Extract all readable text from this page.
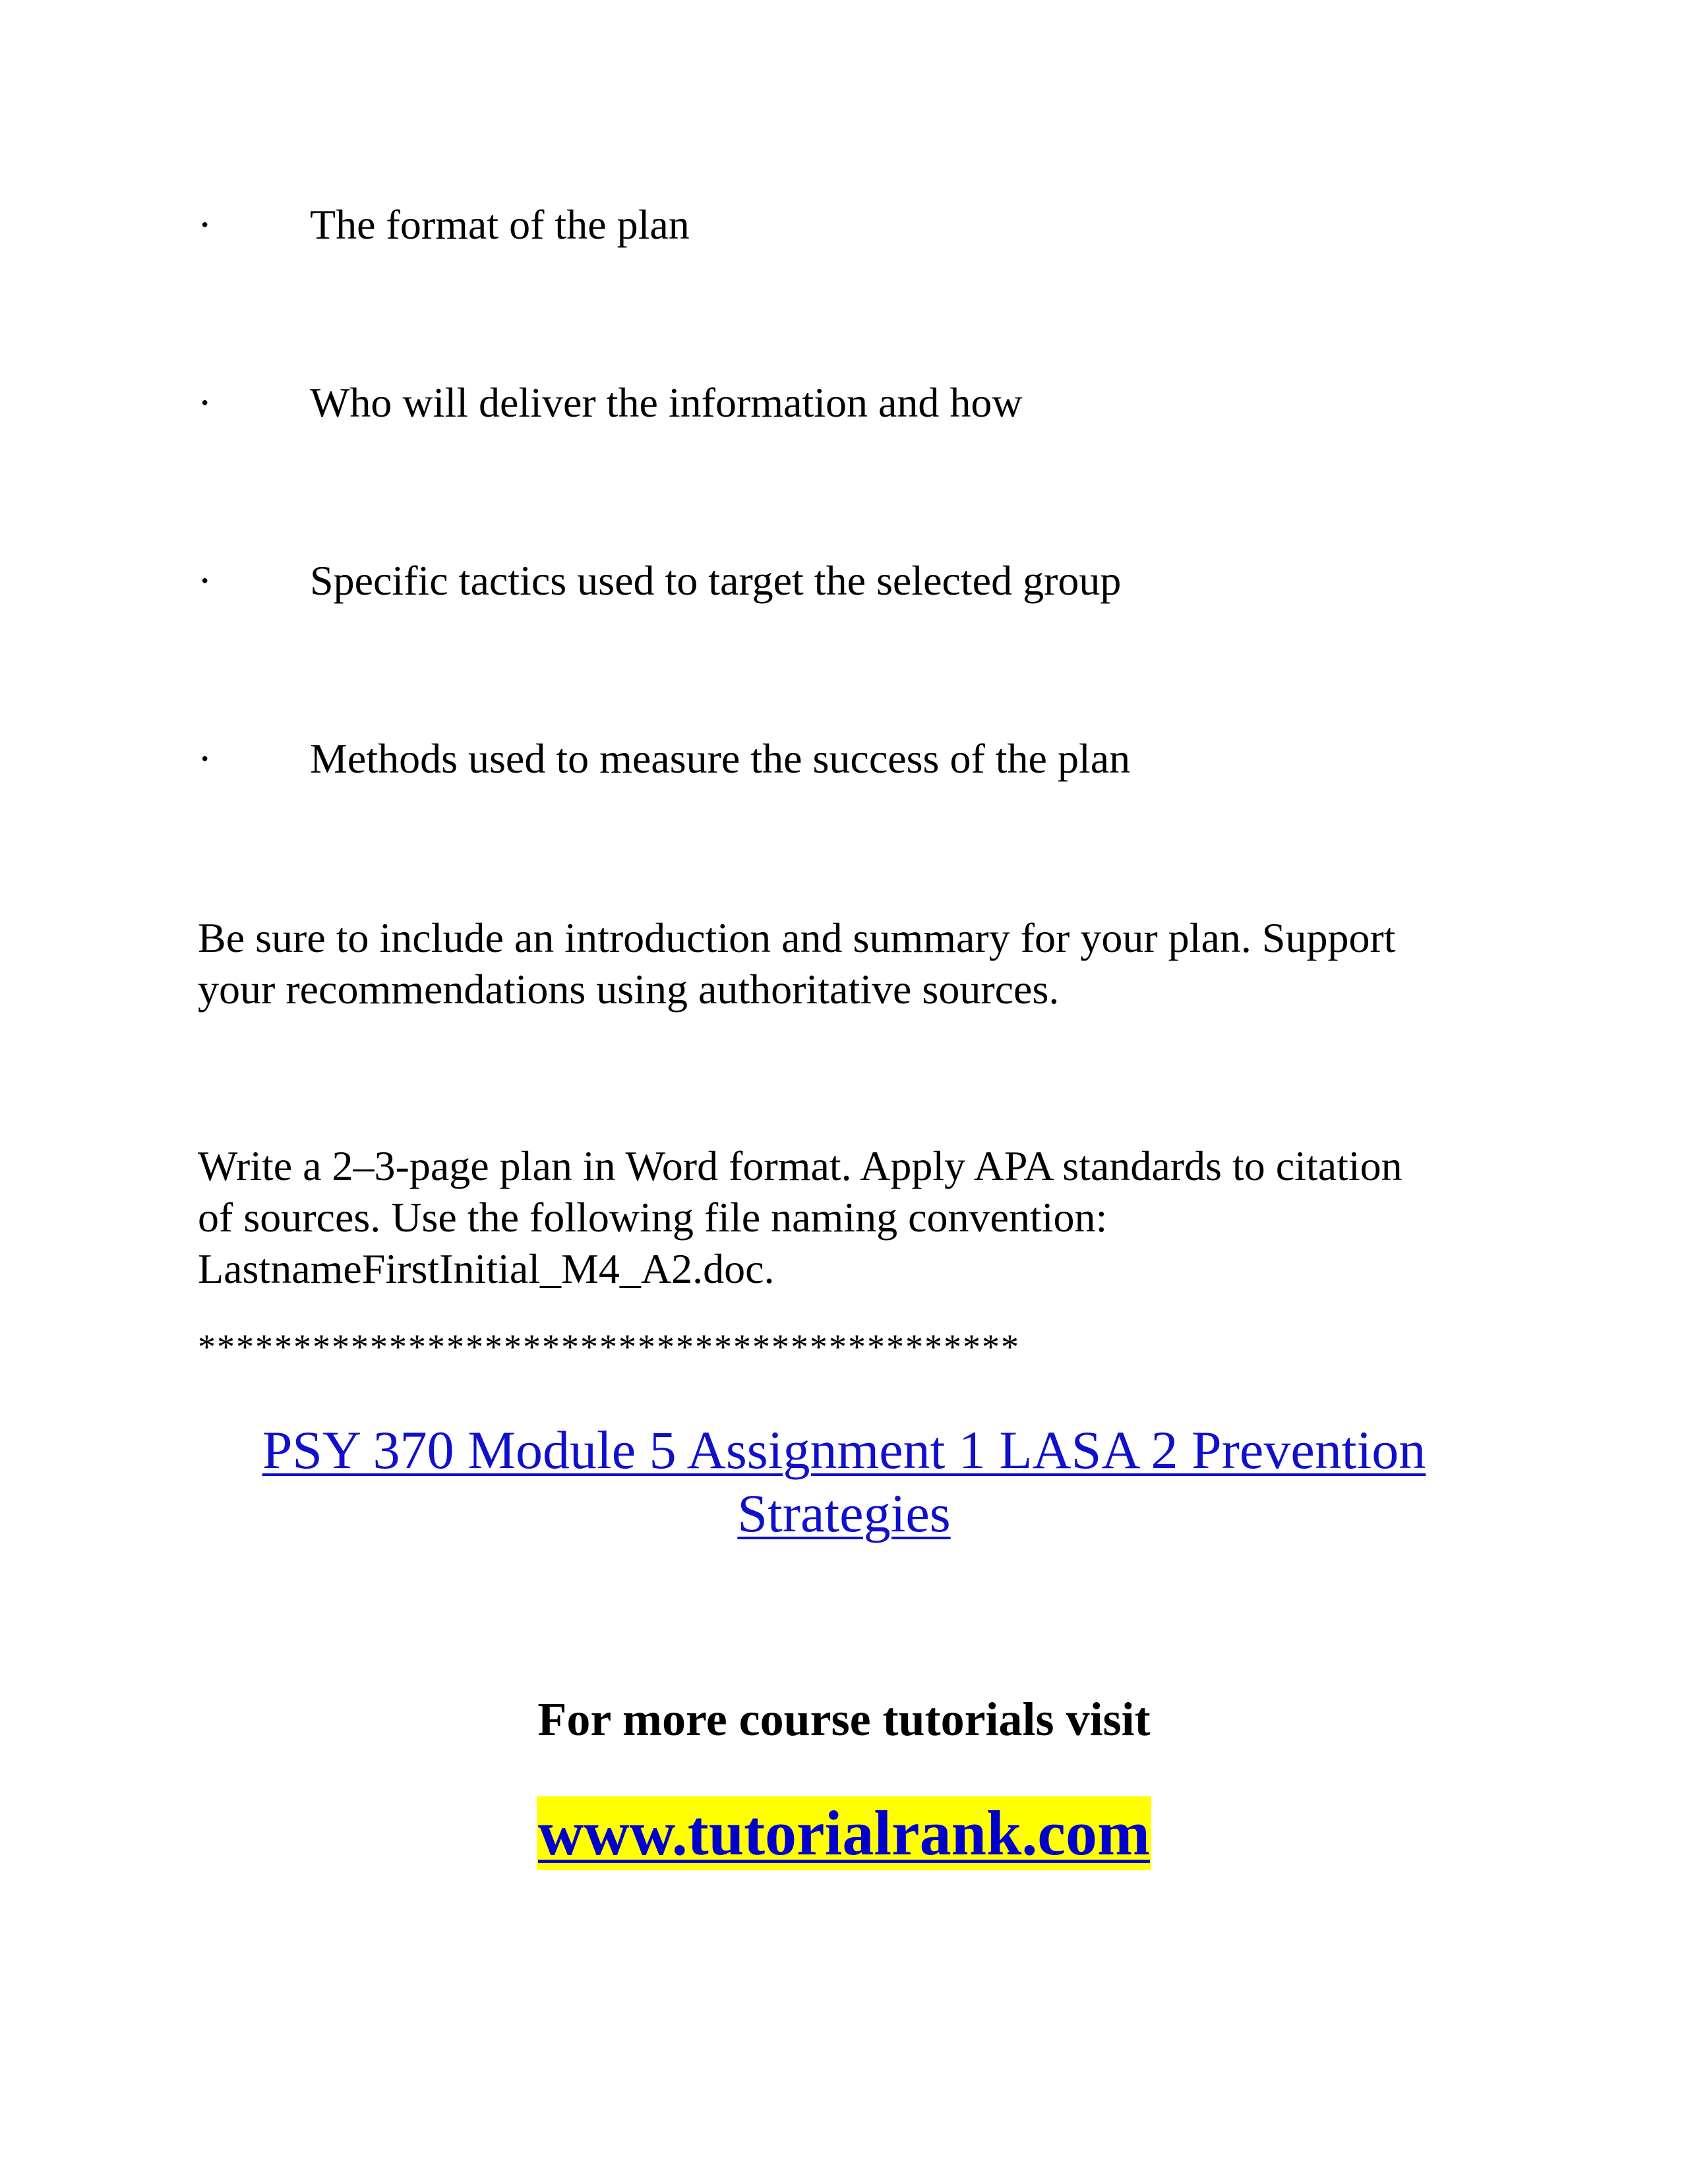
· The format of the plan
· Who will deliver the information and how
· Specific tactics used to target the selected group
· Methods used to measure the success of the plan
Be sure to include an introduction and summary for your plan. Support
your recommendations using authoritative sources.
Write a 2–3-page plan in Word format. Apply APA standards to citation
of sources. Use the following file naming convention:
LastnameFirstInitial_M4_A2.doc.
*******************************************
PSY 370 Module 5 Assignment 1 LASA 2 Prevention
Strategies
For more course tutorials visit
www.tutorialrank.com
